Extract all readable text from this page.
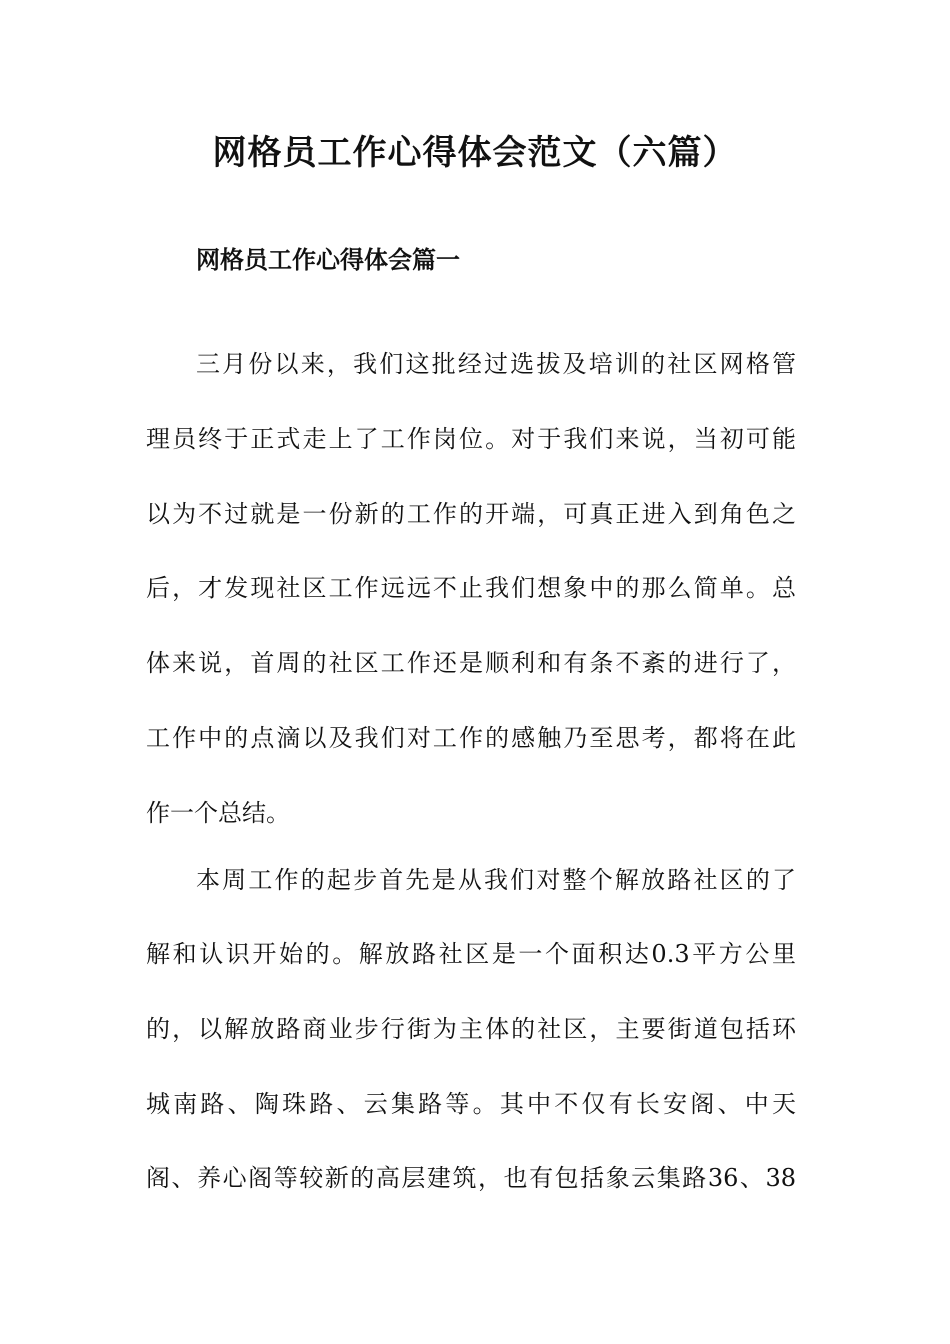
网格员工作心得体会范文（六篇）
网格员工作心得体会篇一

三月份以来，我们这批经过选拔及培训的社区网格管

理员终于正式走上了工作岗位。对于我们来说，当初可能

以为不过就是一份新的工作的开端，可真正进入到角色之

后，才发现社区工作远远不止我们想象中的那么简单。总

体来说，首周的社区工作还是顺利和有条不紊的进行了，

工作中的点滴以及我们对工作的感触乃至思考，都将在此

作一个总结。

本周工作的起步首先是从我们对整个解放路社区的了

解和认识开始的。解放路社区是一个面积达0.3平方公里

的，以解放路商业步行街为主体的社区，主要街道包括环

城南路、陶珠路、云集路等。其中不仅有长安阁、中天

阁、养心阁等较新的高层建筑，也有包括象云集路36、38
